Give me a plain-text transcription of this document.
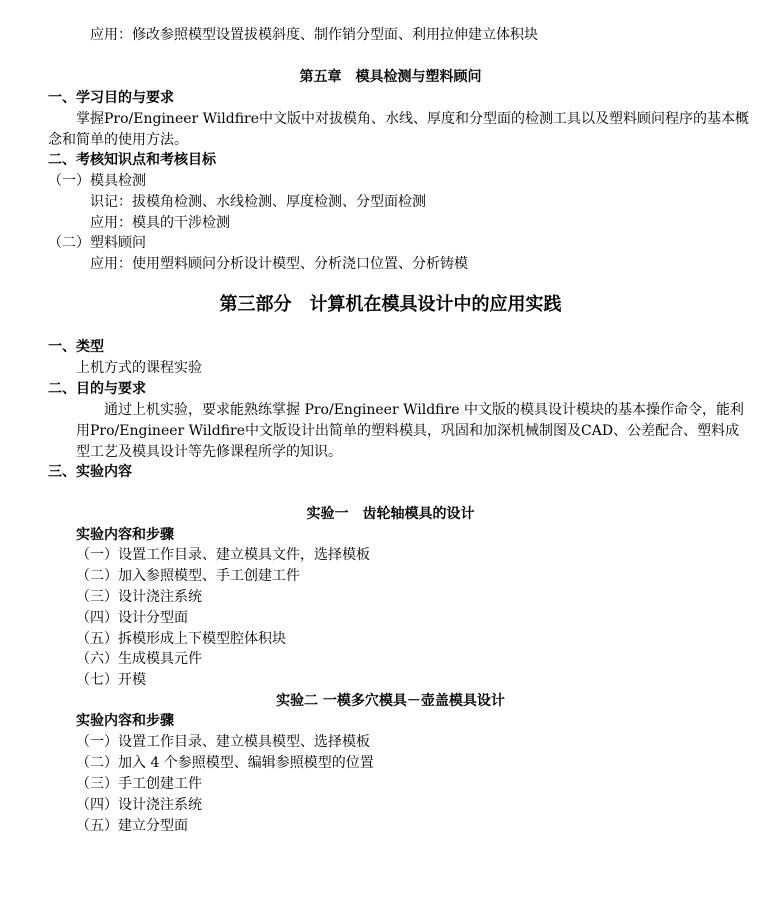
应用：修改参照模型设置拔模斜度、制作销分型面、利用拉伸建立体积块
第五章　模具检测与塑料顾问
一、学习目的与要求
掌握Pro/Engineer Wildfire中文版中对拔模角、水线、厚度和分型面的检测工具以及塑料顾问程序的基本概念和简单的使用方法。
二、考核知识点和考核目标
（一）模具检测
识记：拔模角检测、水线检测、厚度检测、分型面检测
应用：模具的干涉检测
（二）塑料顾问
应用：使用塑料顾问分析设计模型、分析浇口位置、分析铸模
第三部分　计算机在模具设计中的应用实践
一、类型
上机方式的课程实验
二、目的与要求
通过上机实验，要求能熟练掌握 Pro/Engineer Wildfire 中文版的模具设计模块的基本操作命令，能利用Pro/Engineer Wildfire中文版设计出简单的塑料模具，巩固和加深机械制图及CAD、公差配合、塑料成型工艺及模具设计等先修课程所学的知识。
三、实验内容
实验一　齿轮轴模具的设计
实验内容和步骤
（一）设置工作目录、建立模具文件，选择模板
（二）加入参照模型、手工创建工件
（三）设计浇注系统
（四）设计分型面
（五）拆模形成上下模型腔体积块
（六）生成模具元件
（七）开模
实验二 一模多穴模具－壶盖模具设计
实验内容和步骤
（一）设置工作目录、建立模具模型、选择模板
（二）加入 4 个参照模型、编辑参照模型的位置
（三）手工创建工件
（四）设计浇注系统
（五）建立分型面
